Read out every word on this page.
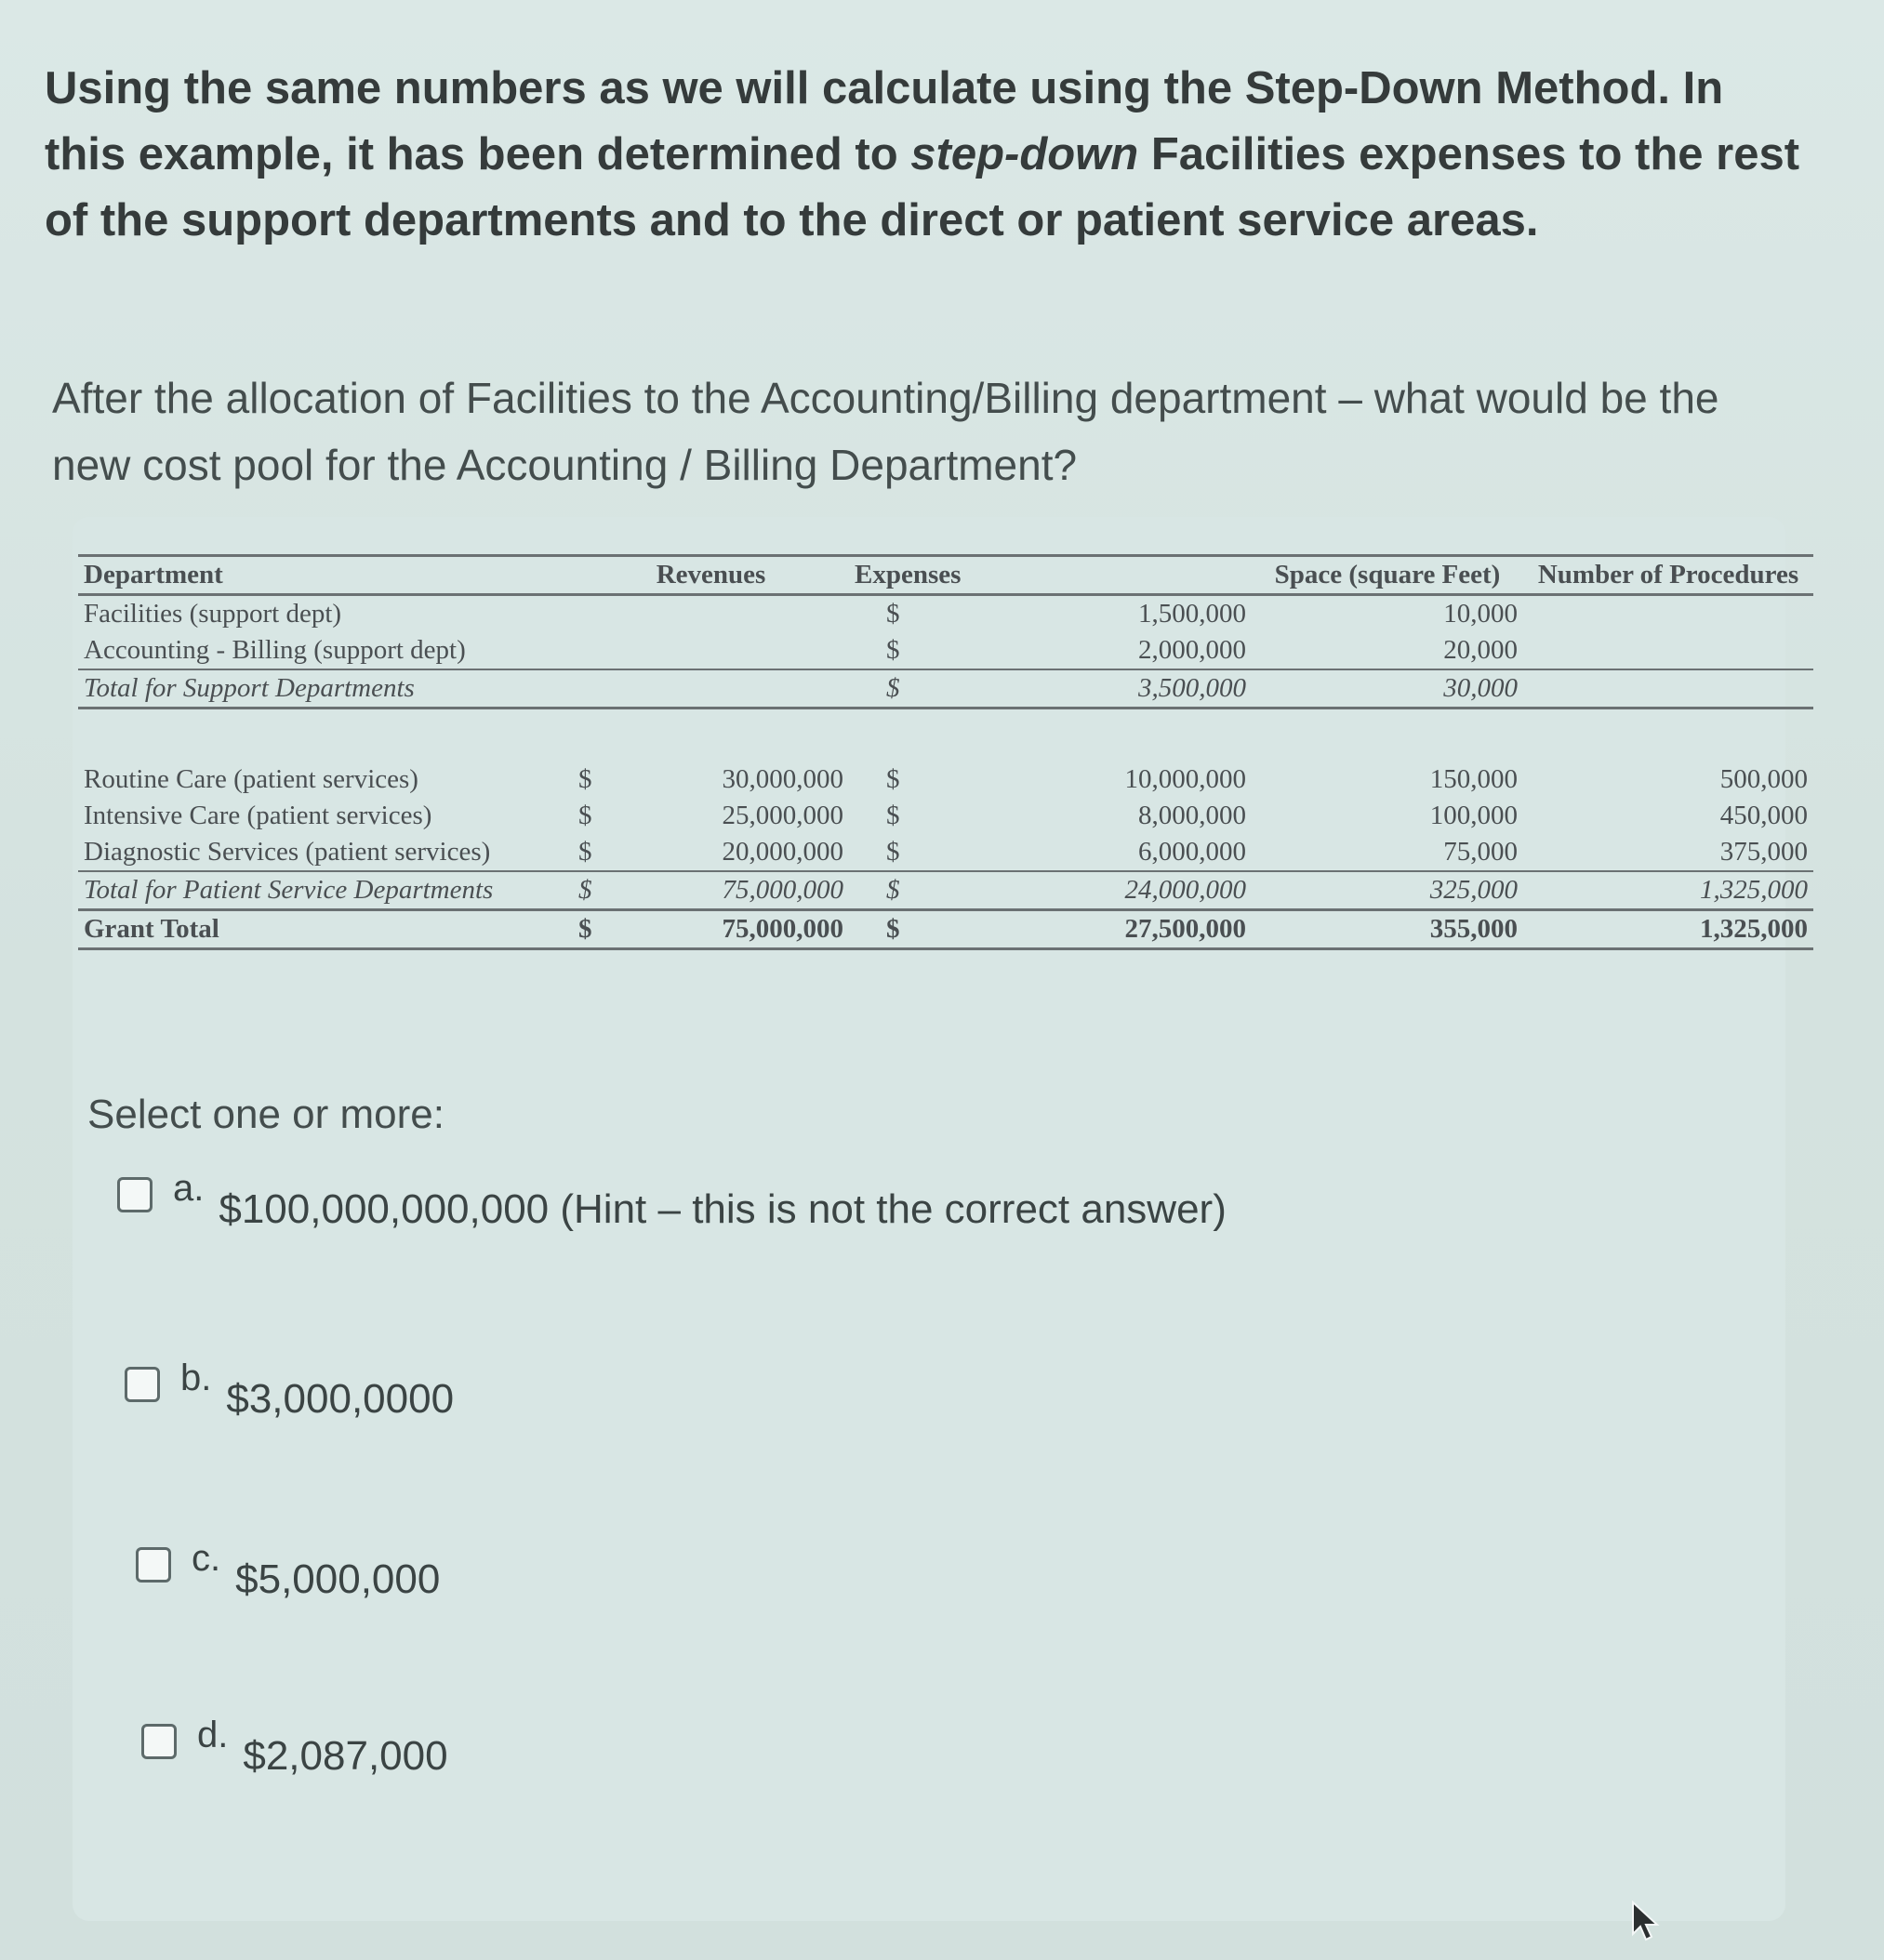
Using the same numbers as we will calculate using the Step-Down Method. In this example, it has been determined to step-down Facilities expenses to the rest of the support departments and to the direct or patient service areas.

After the allocation of Facilities to the Accounting/Billing department – what would be the new cost pool for the Accounting / Billing Department?

Department	Revenues		Expenses		Space (square Feet)	Number of Procedures
Facilities (support dept)			$	1,500,000	10,000	
Accounting - Billing (support dept)			$	2,000,000	20,000	
Total for Support Departments			$	3,500,000	30,000	

Routine Care (patient services)	$	30,000,000	$	10,000,000	150,000	500,000
Intensive Care (patient services)	$	25,000,000	$	8,000,000	100,000	450,000
Diagnostic Services (patient services)	$	20,000,000	$	6,000,000	75,000	375,000
Total for Patient Service Departments	$	75,000,000	$	24,000,000	325,000	1,325,000
Grant Total	$	75,000,000	$	27,500,000	355,000	1,325,000
Select one or more:
a. $100,000,000,000 (Hint – this is not the correct answer)
b. $3,000,0000
c. $5,000,000
d. $2,087,000
